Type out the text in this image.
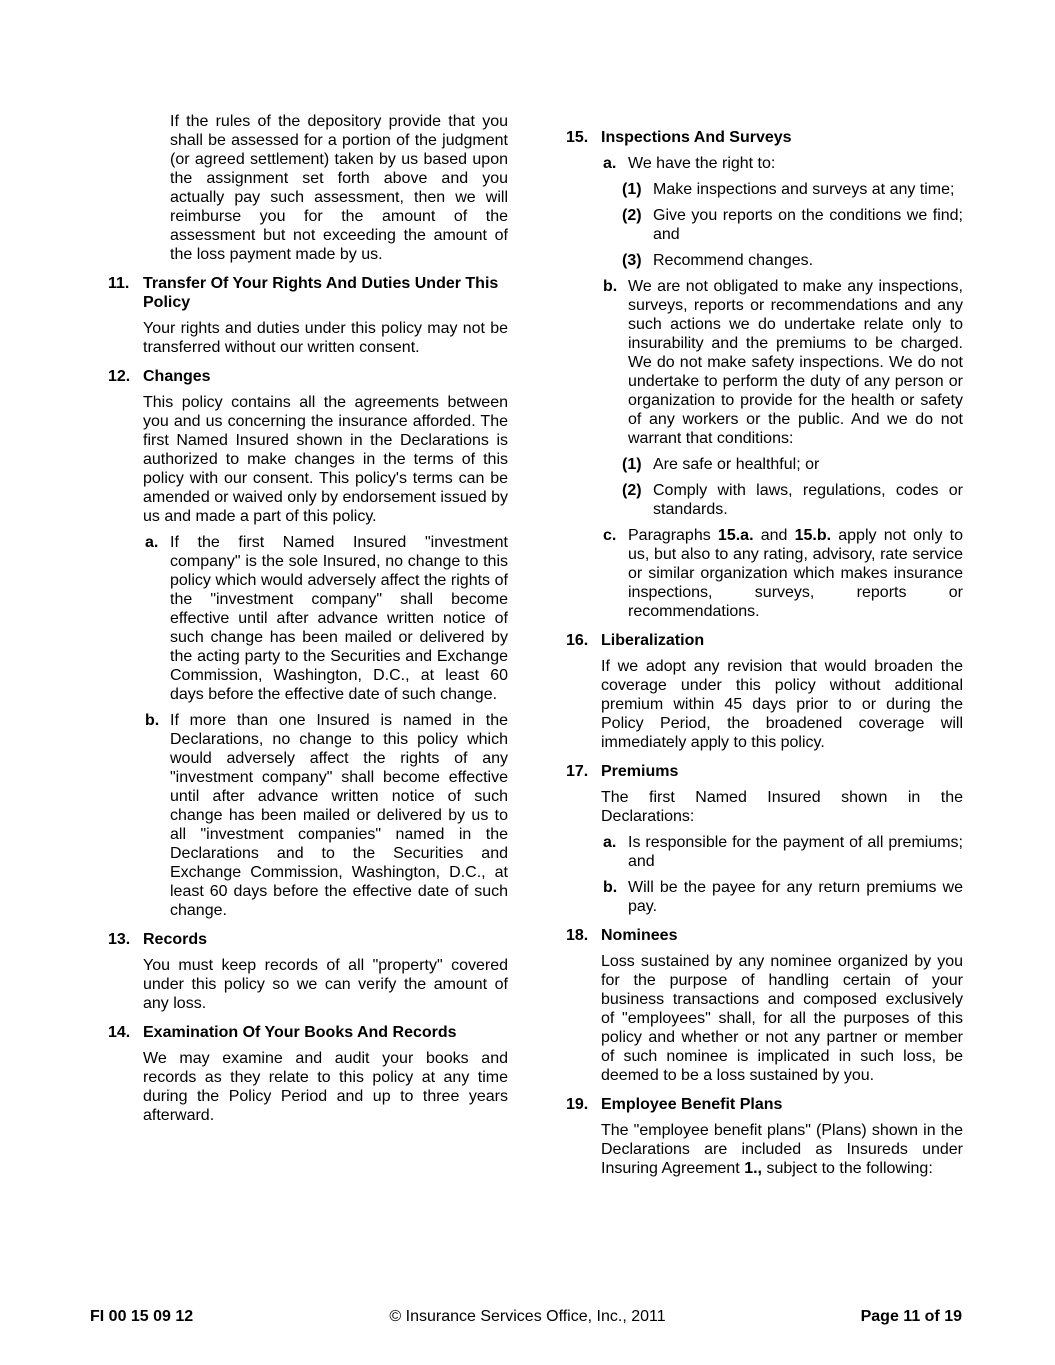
If the rules of the depository provide that you shall be assessed for a portion of the judgment (or agreed settlement) taken by us based upon the assignment set forth above and you actually pay such assessment, then we will reimburse you for the amount of the assessment but not exceeding the amount of the loss payment made by us.
11. Transfer Of Your Rights And Duties Under This Policy
Your rights and duties under this policy may not be transferred without our written consent.
12. Changes
This policy contains all the agreements between you and us concerning the insurance afforded. The first Named Insured shown in the Declarations is authorized to make changes in the terms of this policy with our consent. This policy's terms can be amended or waived only by endorsement issued by us and made a part of this policy.
a. If the first Named Insured "investment company" is the sole Insured, no change to this policy which would adversely affect the rights of the "investment company" shall become effective until after advance written notice of such change has been mailed or delivered by the acting party to the Securities and Exchange Commission, Washington, D.C., at least 60 days before the effective date of such change.
b. If more than one Insured is named in the Declarations, no change to this policy which would adversely affect the rights of any "investment company" shall become effective until after advance written notice of such change has been mailed or delivered by us to all "investment companies" named in the Declarations and to the Securities and Exchange Commission, Washington, D.C., at least 60 days before the effective date of such change.
13. Records
You must keep records of all "property" covered under this policy so we can verify the amount of any loss.
14. Examination Of Your Books And Records
We may examine and audit your books and records as they relate to this policy at any time during the Policy Period and up to three years afterward.
15. Inspections And Surveys
a. We have the right to:
(1) Make inspections and surveys at any time;
(2) Give you reports on the conditions we find; and
(3) Recommend changes.
b. We are not obligated to make any inspections, surveys, reports or recommendations and any such actions we do undertake relate only to insurability and the premiums to be charged. We do not make safety inspections. We do not undertake to perform the duty of any person or organization to provide for the health or safety of any workers or the public. And we do not warrant that conditions:
(1) Are safe or healthful; or
(2) Comply with laws, regulations, codes or standards.
c. Paragraphs 15.a. and 15.b. apply not only to us, but also to any rating, advisory, rate service or similar organization which makes insurance inspections, surveys, reports or recommendations.
16. Liberalization
If we adopt any revision that would broaden the coverage under this policy without additional premium within 45 days prior to or during the Policy Period, the broadened coverage will immediately apply to this policy.
17. Premiums
The first Named Insured shown in the Declarations:
a. Is responsible for the payment of all premiums; and
b. Will be the payee for any return premiums we pay.
18. Nominees
Loss sustained by any nominee organized by you for the purpose of handling certain of your business transactions and composed exclusively of "employees" shall, for all the purposes of this policy and whether or not any partner or member of such nominee is implicated in such loss, be deemed to be a loss sustained by you.
19. Employee Benefit Plans
The "employee benefit plans" (Plans) shown in the Declarations are included as Insureds under Insuring Agreement 1., subject to the following:
FI 00 15 09 12	© Insurance Services Office, Inc., 2011	Page 11 of 19
